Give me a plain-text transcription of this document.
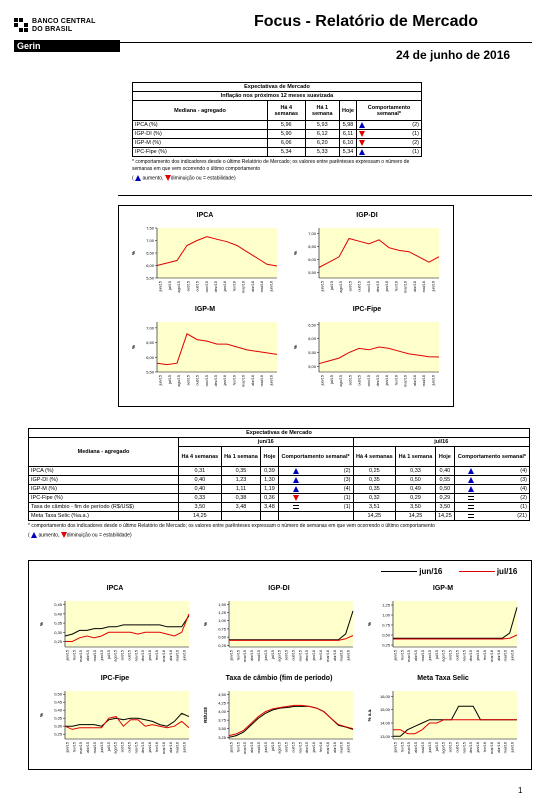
BANCO CENTRAL
DO BRASIL
Gerin
Focus - Relatório de Mercado
24 de junho de 2016
Expectativas de Mercado				
Inflação nos próximos 12 meses suavizada				
Mediana - agregado	Há 4 semanas	Há 1 semana	Hoje	Comportamento semanal*
IPCA (%)	5,96	5,93	5,98	(2)

IGP-DI (%)	5,90	6,12	6,11	(1)

IGP-M (%)	6,06	6,20	6,10	(2)

IPC-Fipe (%)	5,34	5,33	5,34	(1)
* comportamento dos indicadores desde o último Relatório de Mercado; os valores entre parênteses expressam o número de semanas em que vem ocorrendo o último comportamento
(  aumento, diminuição ou = estabilidade)
IPCA
7,50
7,00
6,50
6,00
5,50
%
jun/15 jul/15 ago/15 set/15 out/15 nov/15 dez/15 jan/16 fev/16 mar/16 abr/16 mai/16 jun/16
IGP-DI
7,00
6,50
6,00
5,50
%
jun/15 jul/15 ago/15 set/15 out/15 nov/15 dez/15 jan/16 fev/16 mar/16 abr/16 mai/16 jun/16
IGP-M
7,00
6,50
6,00
5,50
%
jun/15 jul/15 ago/15 set/15 out/15 nov/15 dez/15 jan/16 fev/16 mar/16 abr/16 mai/16 jun/16
IPC-Fipe
6,50
6,00
5,50
5,00
%
jun/15 jul/15 ago/15 set/15 out/15 nov/15 dez/15 jan/16 fev/16 mar/16 abr/16 mai/16 jun/16
Expectativas de Mercado										
Mediana - agregado	jun/16					jul/16				
	Há 4 semanas	Há 1 semana	Hoje	Comportamento semanal*		Há 4 semanas	Há 1 semana	Hoje	Comportamento semanal*	
IPCA (%)	0,31	0,35	0,39		(2)	0,25	0,33	0,40		(4)
IGP-DI (%)	0,40	1,23	1,30		(3)	0,35	0,50	0,55		(3)
IGP-M (%)	0,40	1,11	1,19		(4)	0,35	0,49	0,50		(4)
IPC-Fipe (%)	0,33	0,38	0,36		(1)	0,32	0,29	0,29		(2)
Taxa de câmbio - fim de período (R$/US$)	3,50	3,48	3,48		(1)	3,51	3,50	3,50		(1)
Meta Taxa Selic (%a.a.)	14,25					14,25	14,25	14,25		(21)
* comportamento dos indicadores desde o último Relatório de Mercado; os valores entre parênteses expressam o número de semanas em que vem ocorrendo o último comportamento
(  aumento, diminuição ou = estabilidade)
jun/16	jul/16
IPCA
0,45
0,40
0,35
0,30
0,25
%
jan/15 fev/15 mar/15 abr/15 mai/15 jun/15 jul/15 ago/15 set/15 out/15 nov/15 dez/15 jan/16 fev/16 mar/16 abr/16 mai/16 jun/16
IGP-DI
1,50
1,25
1,00
0,75
0,50
0,25
%
jan/15 fev/15 mar/15 abr/15 mai/15 jun/15 jul/15 ago/15 set/15 out/15 nov/15 dez/15 jan/16 fev/16 mar/16 abr/16 mai/16 jun/16
IGP-M
1,25
1,00
0,75
0,50
0,25
%
jan/15 fev/15 mar/15 abr/15 mai/15 jun/15 jul/15 ago/15 set/15 out/15 nov/15 dez/15 jan/16 fev/16 mar/16 abr/16 mai/16 jun/16
IPC-Fipe
0,50
0,45
0,40
0,35
0,30
0,25
%
jan/15 fev/15 mar/15 abr/15 mai/15 jun/15 jul/15 ago/15 set/15 out/15 nov/15 dez/15 jan/16 fev/16 mar/16 abr/16 mai/16 jun/16
Taxa de câmbio (fim de período)
4,50
4,25
4,00
3,75
3,50
3,25
R$/US$
jan/15 fev/15 mar/15 abr/15 mai/15 jun/15 jul/15 ago/15 set/15 out/15 nov/15 dez/15 jan/16 fev/16 mar/16 abr/16 mai/16 jun/16
Meta Taxa Selic
16,00
15,00
14,00
13,00
% a.a.
jan/15 fev/15 mar/15 abr/15 mai/15 jun/15 jul/15 ago/15 set/15 out/15 nov/15 dez/15 jan/16 fev/16 mar/16 abr/16 mai/16 jun/16
1
